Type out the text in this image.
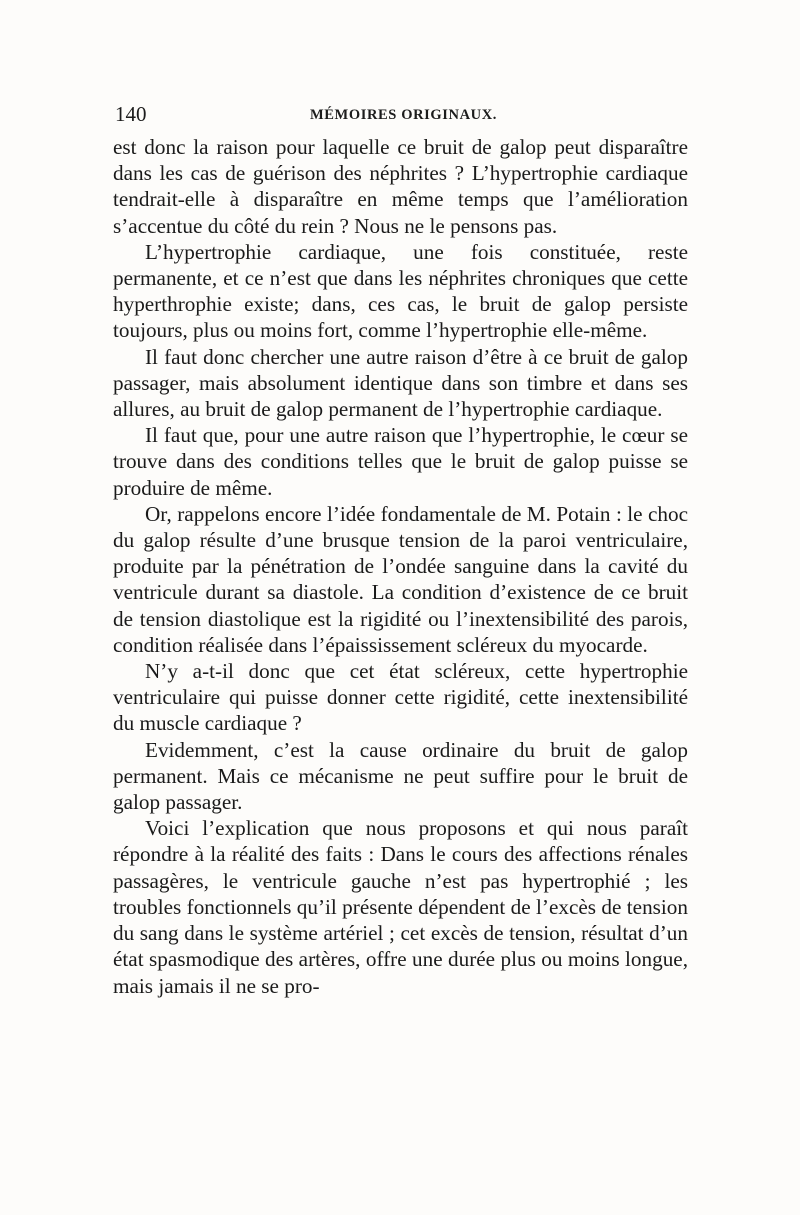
140	MÉMOIRES ORIGINAUX.

est donc la raison pour laquelle ce bruit de galop peut disparaître dans les cas de guérison des néphrites ? L’hypertrophie cardiaque tendrait-elle à disparaître en même temps que l’amélioration s’accentue du côté du rein ? Nous ne le pensons pas.

L’hypertrophie cardiaque, une fois constituée, reste permanente, et ce n’est que dans les néphrites chroniques que cette hyperthrophie existe; dans, ces cas, le bruit de galop persiste toujours, plus ou moins fort, comme l’hypertrophie elle-même.

Il faut donc chercher une autre raison d’être à ce bruit de galop passager, mais absolument identique dans son timbre et dans ses allures, au bruit de galop permanent de l’hypertrophie cardiaque.

Il faut que, pour une autre raison que l’hypertrophie, le cœur se trouve dans des conditions telles que le bruit de galop puisse se produire de même.

Or, rappelons encore l’idée fondamentale de M. Potain : le choc du galop résulte d’une brusque tension de la paroi ventriculaire, produite par la pénétration de l’ondée sanguine dans la cavité du ventricule durant sa diastole. La condition d’existence de ce bruit de tension diastolique est la rigidité ou l’inextensibilité des parois, condition réalisée dans l’épaississement scléreux du myocarde.

N’y a-t-il donc que cet état scléreux, cette hypertrophie ventriculaire qui puisse donner cette rigidité, cette inextensibilité du muscle cardiaque ?

Evidemment, c’est la cause ordinaire du bruit de galop permanent. Mais ce mécanisme ne peut suffire pour le bruit de galop passager.

Voici l’explication que nous proposons et qui nous paraît répondre à la réalité des faits : Dans le cours des affections rénales passagères, le ventricule gauche n’est pas hypertrophié ; les troubles fonctionnels qu’il présente dépendent de l’excès de tension du sang dans le système artériel ; cet excès de tension, résultat d’un état spasmodique des artères, offre une durée plus ou moins longue, mais jamais il ne se pro-
